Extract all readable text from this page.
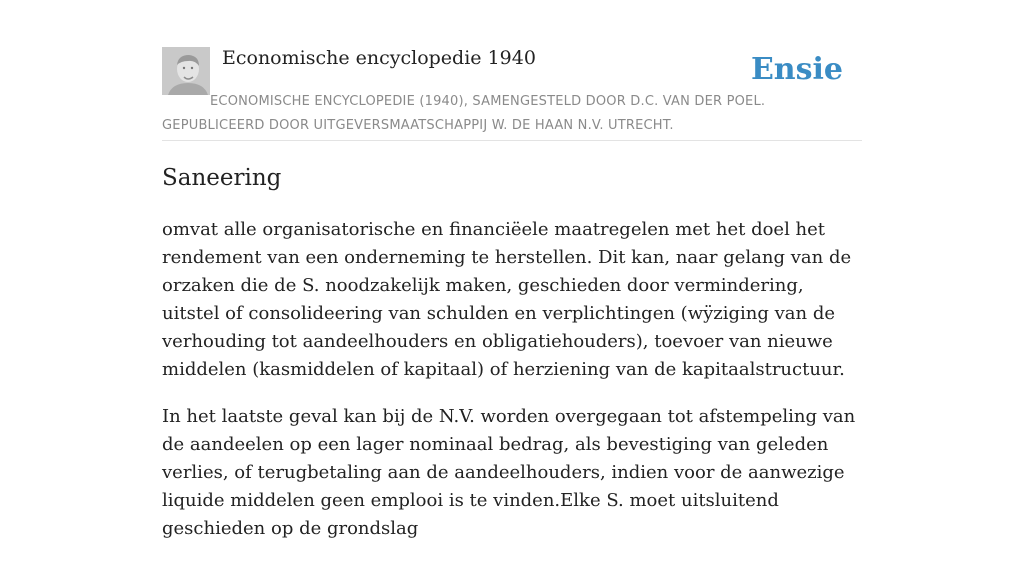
Economische encyclopedie 1940	Ensie
ECONOMISCHE ENCYCLOPEDIE (1940), SAMENGESTELD DOOR D.C. VAN DER POEL. GEPUBLICEERD DOOR UITGEVERSMAATSCHAPPIJ W. DE HAAN N.V. UTRECHT.
Saneering

omvat alle organisatorische en financiëele maatregelen met het doel het rendement van een onderneming te herstellen. Dit kan, naar gelang van de orzaken die de S. noodzakelijk maken, geschieden door vermindering, uitstel of consolideering van schulden en verplichtingen (wÿziging van de verhouding tot aandeelhouders en obligatiehouders), toevoer van nieuwe middelen (kasmiddelen of kapitaal) of herziening van de kapitaalstructuur.

In het laatste geval kan bij de N.V. worden overgegaan tot afstempeling van de aandeelen op een lager nominaal bedrag, als bevestiging van geleden verlies, of terugbetaling aan de aandeelhouders, indien voor de aanwezige liquide middelen geen emplooi is te vinden.Elke S. moet uitsluitend geschieden op de grondslag
